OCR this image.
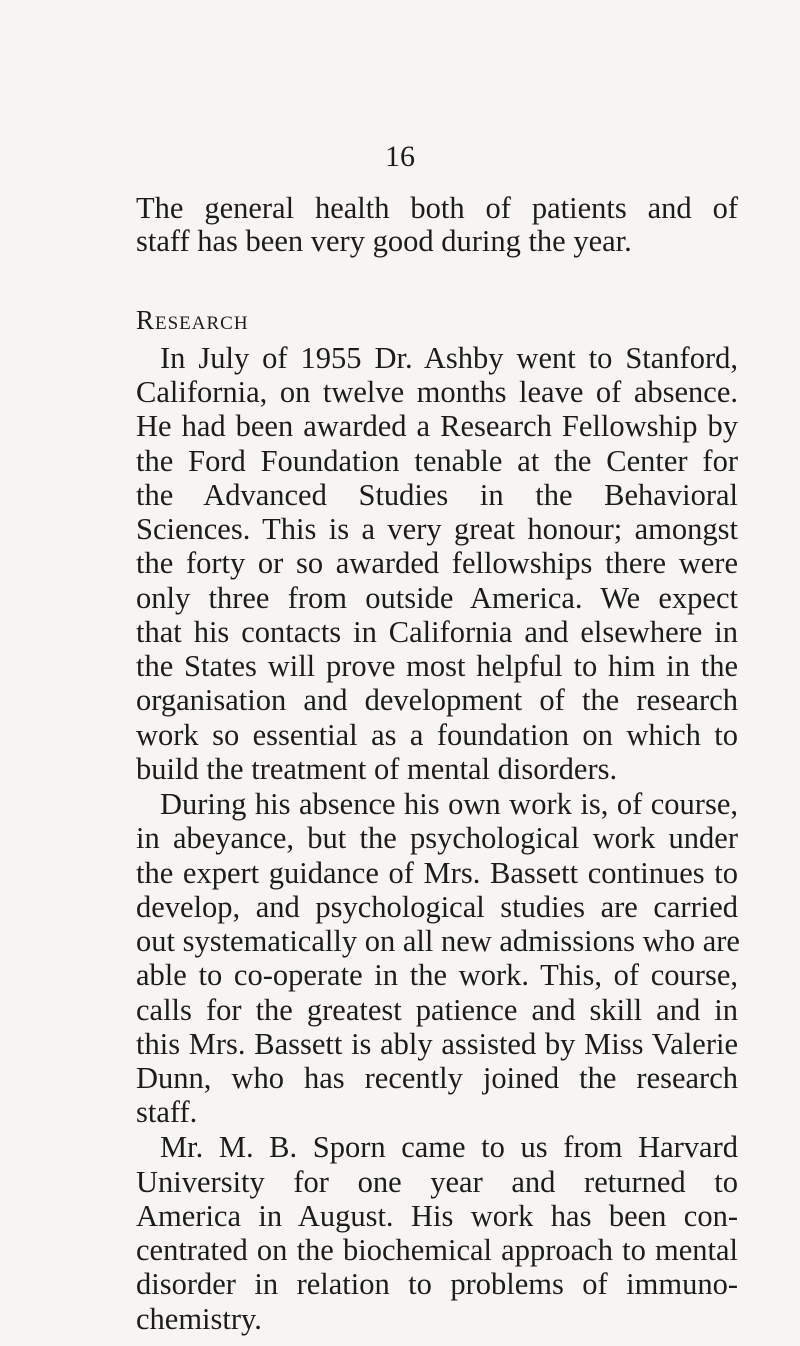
16
The general health both of patients and of
staff has been very good during the year.
Research
In July of 1955 Dr. Ashby went to Stanford,
California, on twelve months leave of absence.
He had been awarded a Research Fellowship by
the Ford Foundation tenable at the Center for
the Advanced Studies in the Behavioral
Sciences. This is a very great honour; amongst
the forty or so awarded fellowships there were
only three from outside America. We expect
that his contacts in California and elsewhere in
the States will prove most helpful to him in the
organisation and development of the research
work so essential as a foundation on which to
build the treatment of mental disorders.
During his absence his own work is, of course,
in abeyance, but the psychological work under
the expert guidance of Mrs. Bassett continues to
develop, and psychological studies are carried
out systematically on all new admissions who are
able to co-operate in the work. This, of course,
calls for the greatest patience and skill and in
this Mrs. Bassett is ably assisted by Miss Valerie
Dunn, who has recently joined the research
staff.
Mr. M. B. Sporn came to us from Harvard
University for one year and returned to
America in August. His work has been con-
centrated on the biochemical approach to mental
disorder in relation to problems of immuno-
chemistry.
